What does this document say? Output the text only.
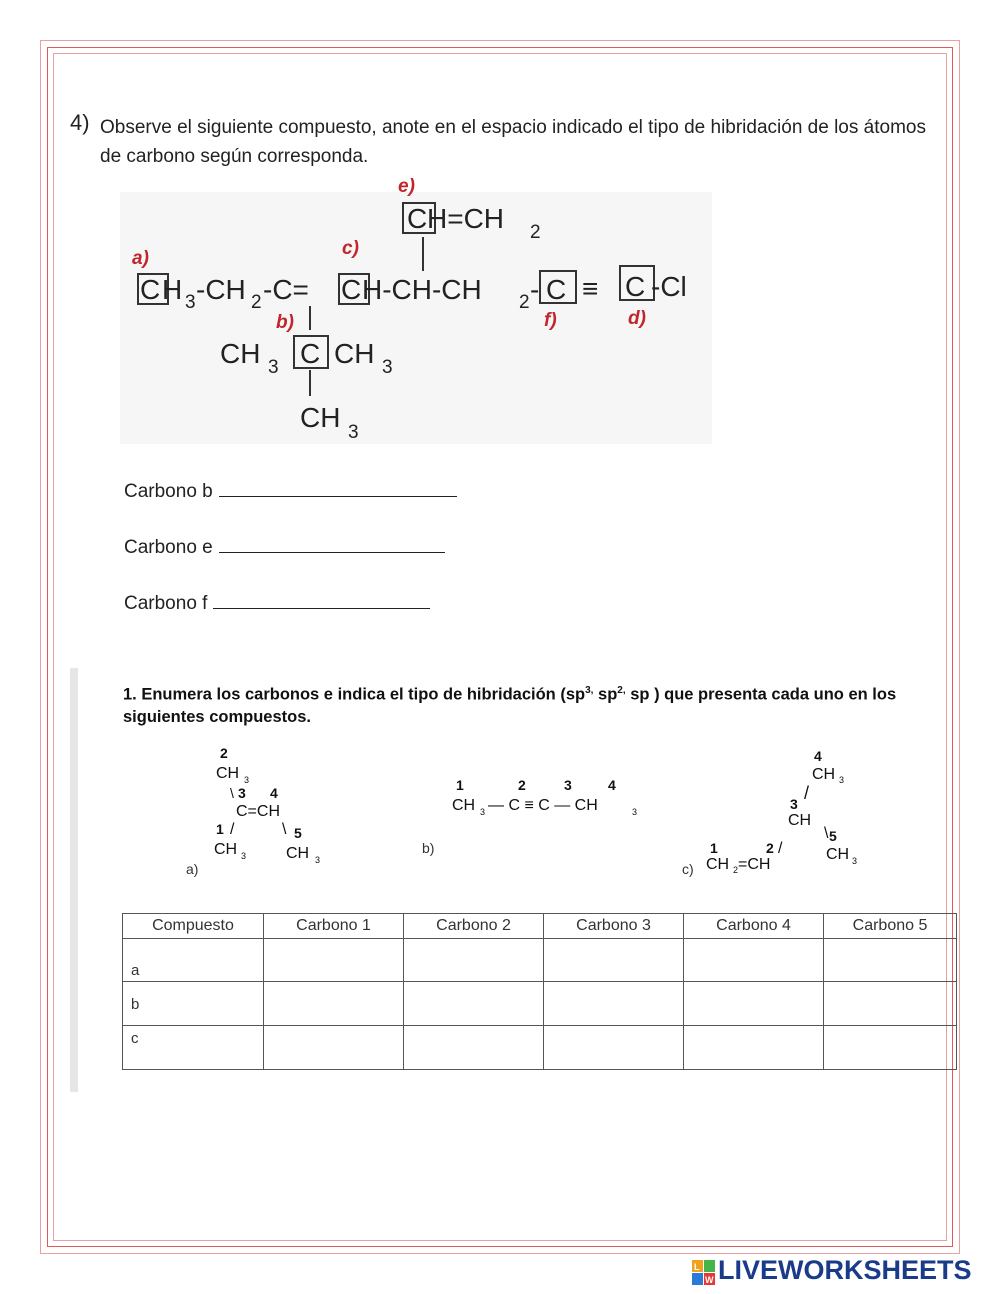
4) Observe el siguiente compuesto, anote en el espacio indicado el tipo de hibridación de los átomos de carbono según corresponda.
a)
b)
c)
d)
e)
f)
C H=CH 2
C H 3 -CH 2 -C= C H-CH-CH 2 - C ≡ C -Cl
CH 3 C CH 3
CH 3
Carbono b
Carbono e
Carbono f
1. Enumera los carbonos e indica el tipo de hibridación ($sp^{3,}$ $sp^{2,}$ sp ) que presenta cada uno en los siguientes compuestos.
2
CH 3
\ 3 4
C=CH
1 /	\ 5
CH 3 CH 3
a)
1	2	3	4
CH 3 — C ≡ C — CH	3
b)
4
CH 3
/
3
CH
\ 5
CH 3
1	2 /
CH 2 =CH
c)
Compuesto	Carbono 1	Carbono 2	Carbono 3	Carbono 4	Carbono 5
a					
b					
c					
L
W LIVEWORKSHEETS
